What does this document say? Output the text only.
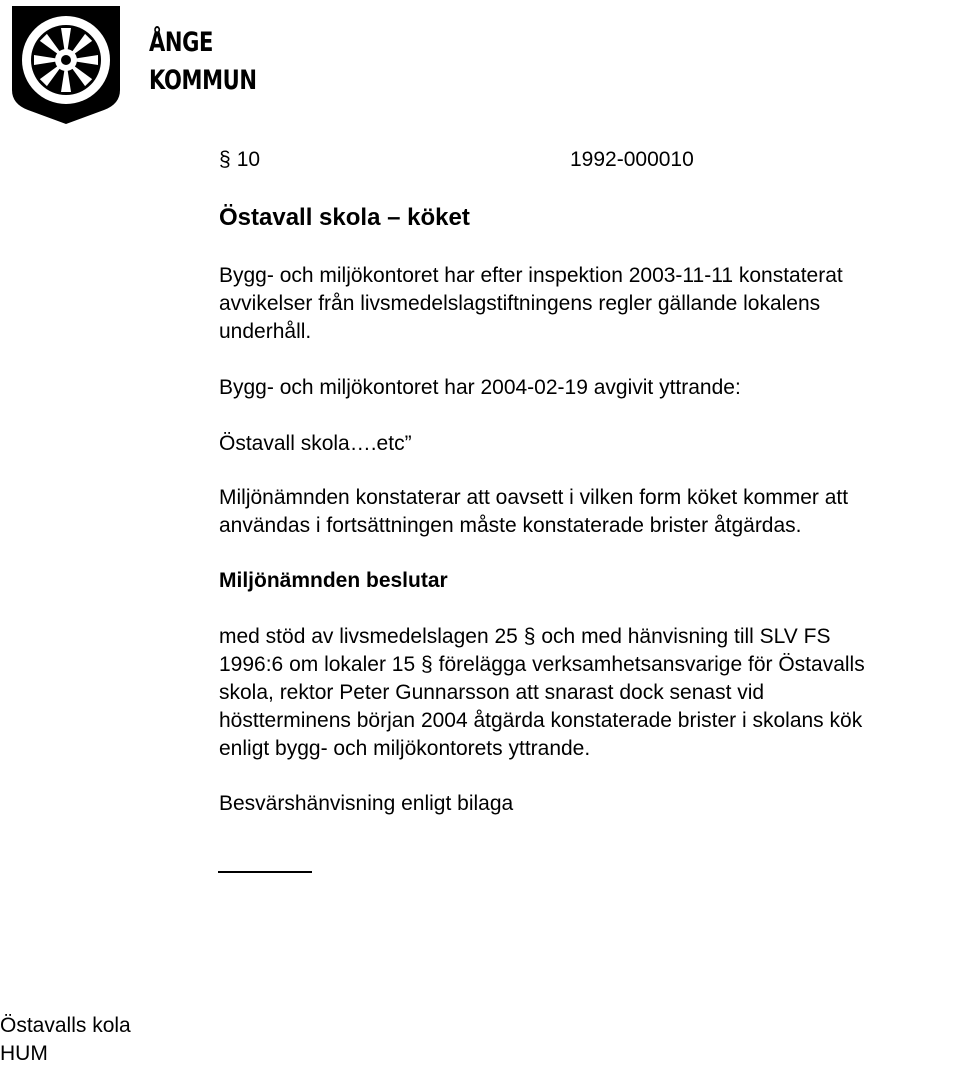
ÅNGE
KOMMUN
§ 10	1992-000010
Östavall skola – köket
Bygg- och miljökontoret har efter inspektion 2003-11-11 konstaterat
avvikelser från livsmedelslagstiftningens regler gällande lokalens
underhåll.
Bygg- och miljökontoret har 2004-02-19 avgivit yttrande:
Östavall skola….etc”
Miljönämnden konstaterar att oavsett i vilken form köket kommer att
användas i fortsättningen måste konstaterade brister åtgärdas.
Miljönämnden beslutar
med stöd av livsmedelslagen 25 § och med hänvisning till SLV FS
1996:6 om lokaler 15 § förelägga verksamhetsansvarige för Östavalls
skola, rektor Peter Gunnarsson att snarast dock senast vid
höstterminens början 2004 åtgärda konstaterade brister i skolans kök
enligt bygg- och miljökontorets yttrande.
Besvärshänvisning enligt bilaga
Östavalls kola
HUM
